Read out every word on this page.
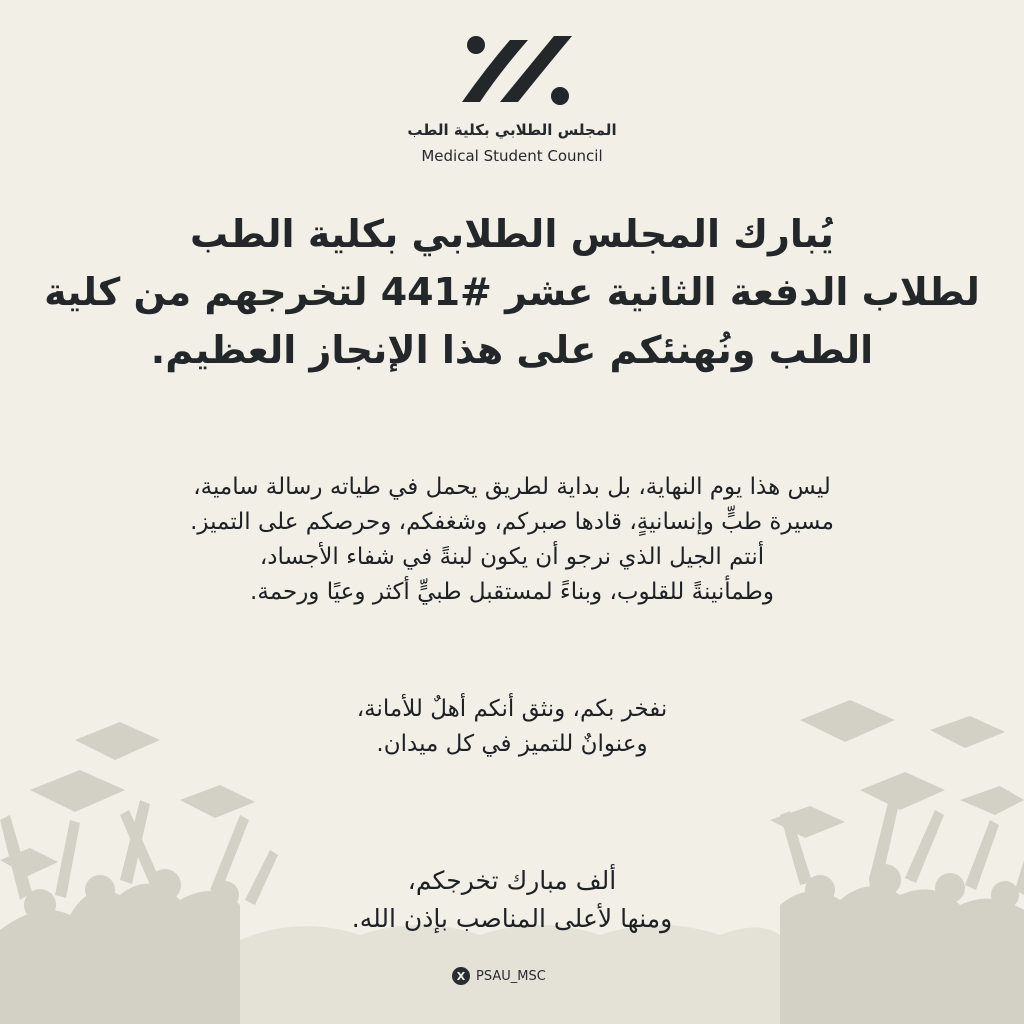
المجلس الطلابي بكلية الطب
Medical Student Council
يُبارك المجلس الطلابي بكلية الطب
لطلاب الدفعة الثانية عشر #441 لتخرجهم من كلية
الطب ونُهنئكم على هذا الإنجاز العظيم.
ليس هذا يوم النهاية، بل بداية لطريق يحمل في طياته رسالة سامية،
مسيرة طبٍّ وإنسانيةٍ، قادها صبركم، وشغفكم، وحرصكم على التميز.
أنتم الجيل الذي نرجو أن يكون لبنةً في شفاء الأجساد،
وطمأنينةً للقلوب، وبناءً لمستقبل طبيٍّ أكثر وعيًا ورحمة.
نفخر بكم، ونثق أنكم أهلٌ للأمانة،
وعنوانٌ للتميز في كل ميدان.
ألف مبارك تخرجكم،
ومنها لأعلى المناصب بإذن الله.
X PSAU_MSC
